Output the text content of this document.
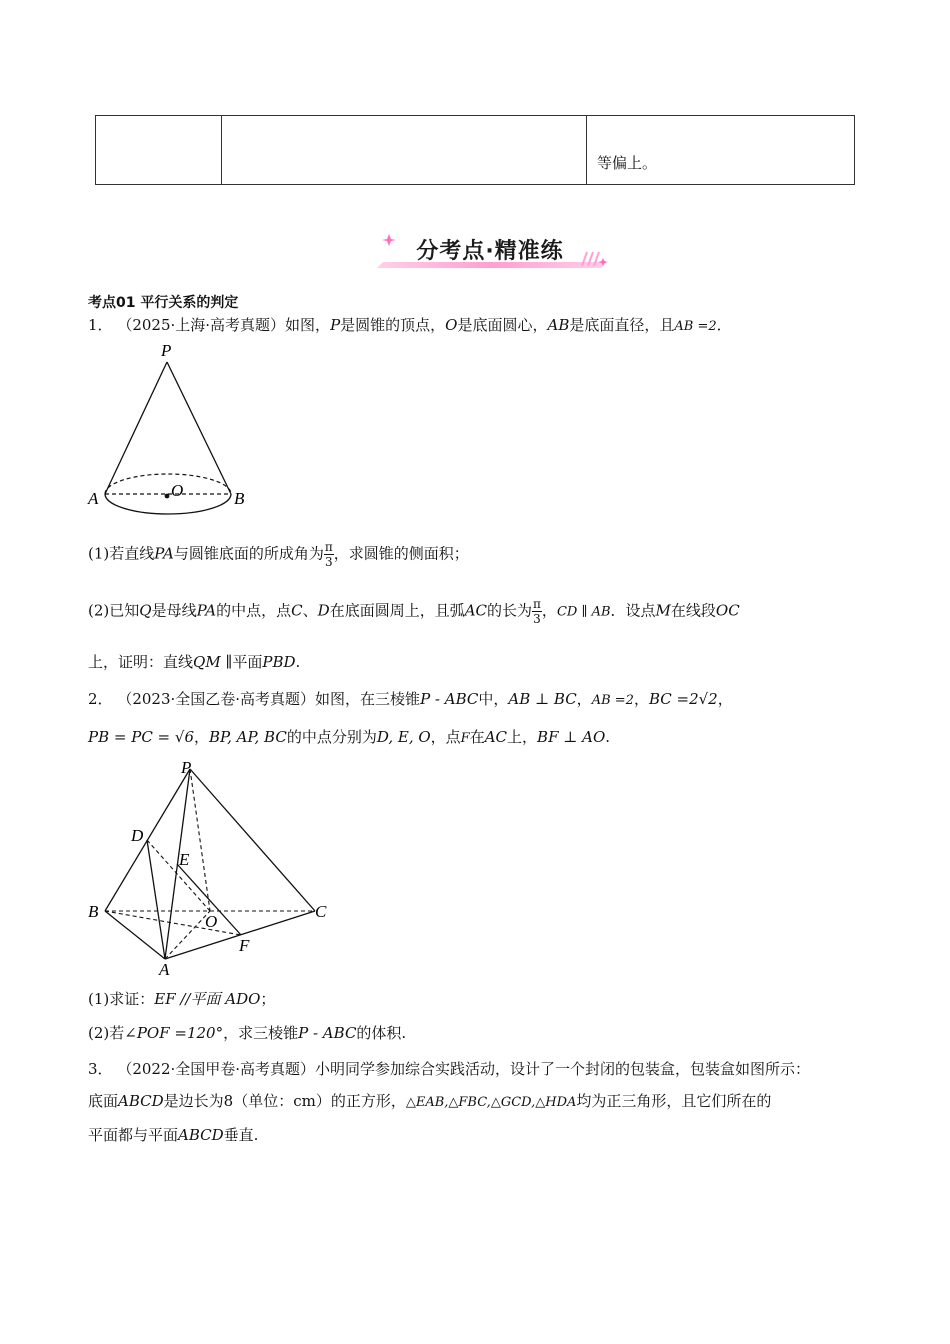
等偏上。
分考点·精准练
考点01 平行关系的判定
1． （2025·上海·高考真题）如图，P是圆锥的顶点，O是底面圆心，AB是底面直径，且AB =2．
P
O
A	B
(1)若直线PA与圆锥底面的所成角为 $\frac{\pi}{3}$ ，求圆锥的侧面积；
(2)已知Q是母线PA的中点，点C、D在底面圆周上，且弧AC的长为 $\frac{\pi}{3}$ ，CD ∥ AB．设点M在线段OC
上，证明：直线QM ∥平面PBD.
2． （2023·全国乙卷·高考真题）如图，在三棱锥P - ABC中，AB ⊥ BC，AB =2，BC =2√2，
PB = PC = √6，BP, AP, BC的中点分别为D, E, O，点F在AC上，BF ⊥ AO.
P
D
E
B
O
C
F
A
(1)求证：EF //平面 ADO；
(2)若∠POF =120°，求三棱锥P - ABC的体积.
3． （2022·全国甲卷·高考真题）小明同学参加综合实践活动，设计了一个封闭的包装盒，包装盒如图所示：
底面ABCD是边长为8（单位：cm）的正方形，△EAB,△FBC,△GCD,△HDA均为正三角形，且它们所在的
平面都与平面ABCD垂直.
